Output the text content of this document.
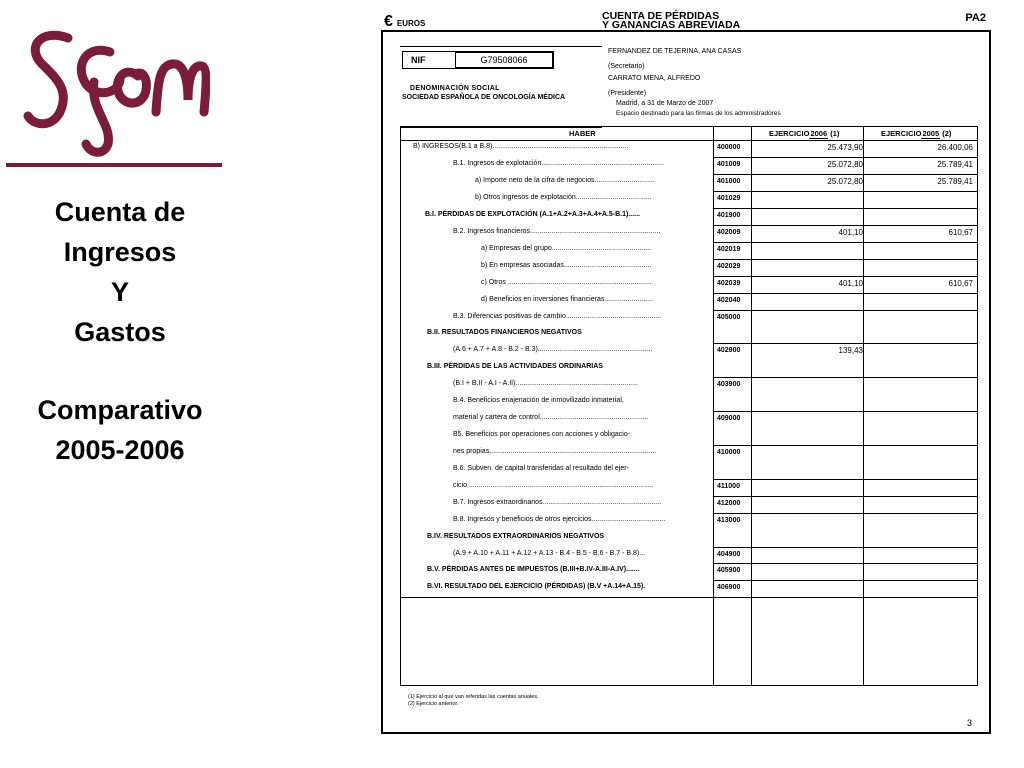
Cuenta de
Ingresos
Y
Gastos
Comparativo
2005-2006
€ EUROS
CUENTA DE PÉRDIDAS
Y GANANCIAS ABREVIADA
PA2
NIF	G79508066
DENOMINACIÓN SOCIAL
SOCIEDAD ESPAÑOLA DE ONCOLOGÍA MÉDICA
FERNANDEZ DE TEJERINA, ANA CASAS
(Secretario)
CARRATO MENA, ALFREDO
(Presidente)
Madrid, a 31 de Marzo de 2007
Espacio destinado para las firmas de los administradores
HABER	EJERCICIO2006 (1)	EJERCICIO2005 (2)
B) INGRESOS(B.1 a B.8)......................................................................	400000	25.473,90	26.400,06
B.1. Ingresos de explotación...............................................................	401009	25.072,80	25.789,41
a) Importe neto de la cifra de negocios...............................	401000	25.072,80	25.789,41
b) Otros ingresos de explotación.......................................	401029
B.I. PÉRDIDAS DE EXPLOTACIÓN (A.1+A.2+A.3+A.4+A.5-B.1)......	401900
B.2. Ingresos financieros...................................................................	402009	401,10	610,67
a) Empresas del grupo...................................................	402019
b) En empresas asociadas.............................................	402029
c) Otros ..........................................................................	402039	401,10	610,67
d) Beneficios en inversiones financieras.........................	402040
B.3. Diferencias positivas de cambio.................................................	405000
B.II. RESULTADOS FINANCIEROS NEGATIVOS
(A.6 + A.7 + A.8 - B.2 - B.3)...........................................................	402900	139,43
B.III. PÉRDIDAS DE LAS ACTIVIDADES ORDINARIAS
(B.I + B.II - A.I - A.II)...............................................................	403900
B.4. Beneficios enajenación de inmovilizado inmaterial,
material y cartera de control........................................................	409000
B5. Beneficios por operaciones con acciones y obligacio-
nes propias......................................................................................	410000
B.6. Subven. de capital transferidas al resultado del ejer-
cicio................................................................................................	411000
B.7. Ingresos extraordinarios.............................................................	412000
B.8. Ingresos y beneficios de otros ejercicios......................................	413000
B.IV. RESULTADOS EXTRAORDINARIOS NEGATIVOS
(A.9 + A.10 + A.11 + A.12 + A.13 - B.4 - B.5 - B.6 - B.7 - B.8)...	404900
B.V. PÉRDIDAS ANTES DE IMPUESTOS (B.III+B.IV-A.III-A.IV).......	405900
B.VI. RESULTADO DEL EJERCICIO (PÉRDIDAS) (B.V +A.14+A.15).	406900
(1) Ejercicio al que van referidas las cuentas anuales.
(2) Ejercicio anterior.
3
